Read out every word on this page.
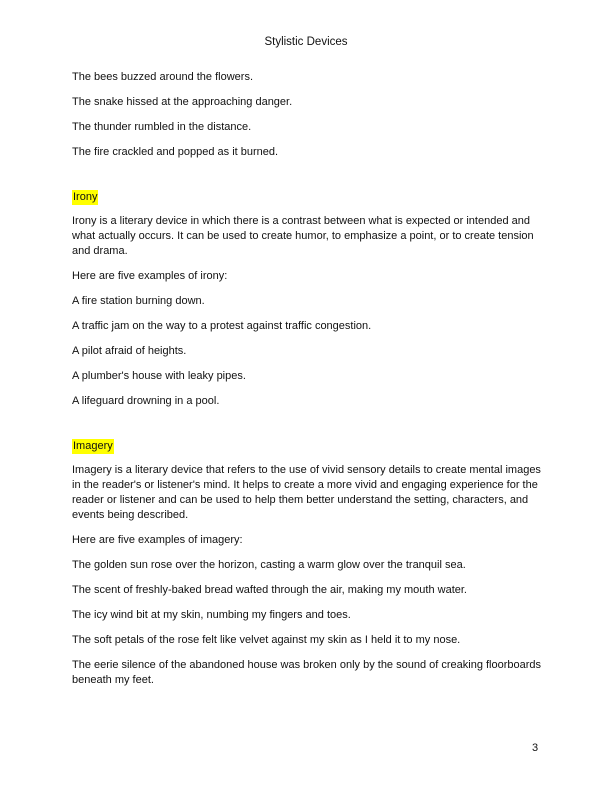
Stylistic Devices

The bees buzzed around the flowers.

The snake hissed at the approaching danger.

The thunder rumbled in the distance.

The fire crackled and popped as it burned.

Irony

Irony is a literary device in which there is a contrast between what is expected or intended and what actually occurs. It can be used to create humor, to emphasize a point, or to create tension and drama.

Here are five examples of irony:

A fire station burning down.

A traffic jam on the way to a protest against traffic congestion.

A pilot afraid of heights.

A plumber's house with leaky pipes.

A lifeguard drowning in a pool.

Imagery

Imagery is a literary device that refers to the use of vivid sensory details to create mental images in the reader's or listener's mind. It helps to create a more vivid and engaging experience for the reader or listener and can be used to help them better understand the setting, characters, and events being described.

Here are five examples of imagery:

The golden sun rose over the horizon, casting a warm glow over the tranquil sea.

The scent of freshly-baked bread wafted through the air, making my mouth water.

The icy wind bit at my skin, numbing my fingers and toes.

The soft petals of the rose felt like velvet against my skin as I held it to my nose.

The eerie silence of the abandoned house was broken only by the sound of creaking floorboards beneath my feet.

3
